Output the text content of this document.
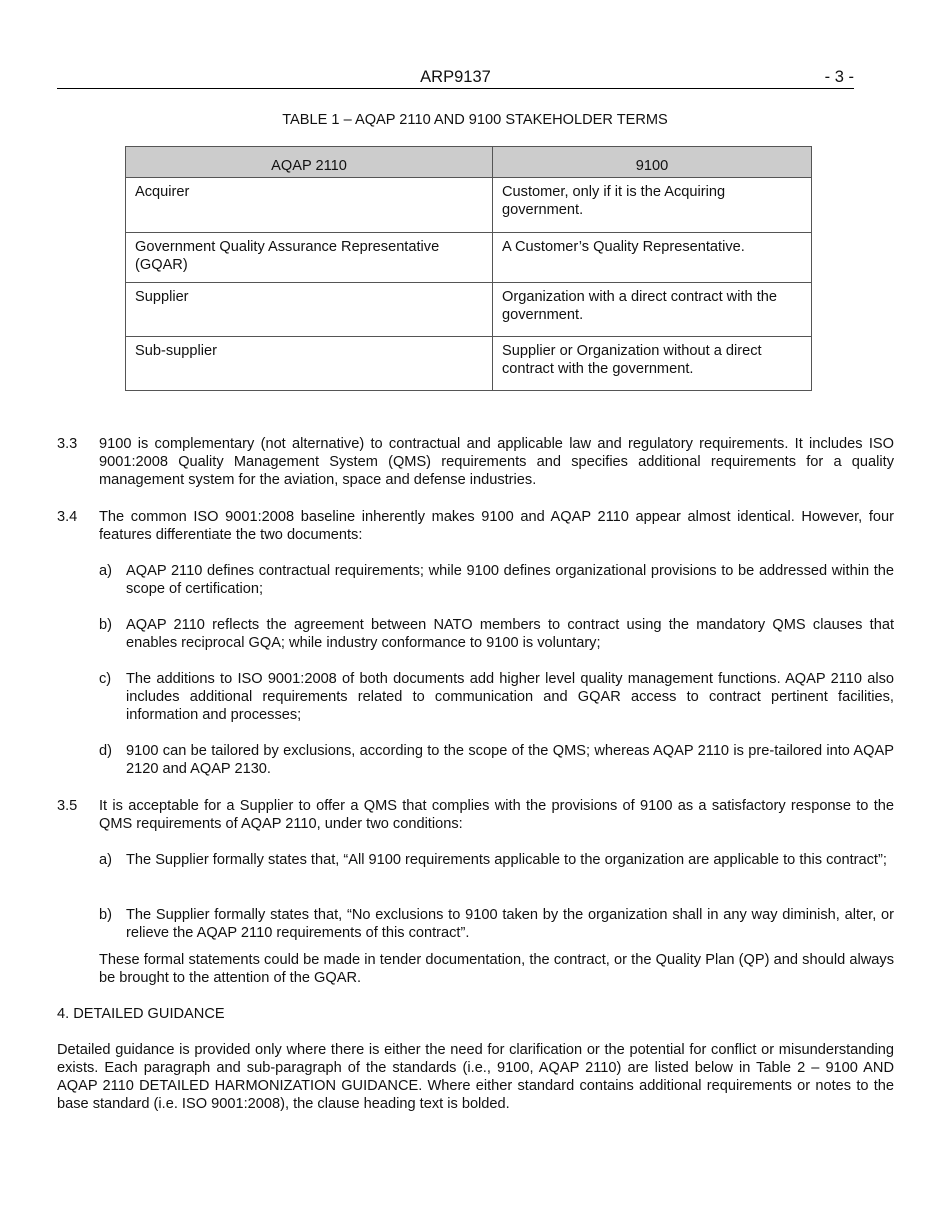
ARP9137	- 3 -
TABLE 1 – AQAP 2110 AND 9100 STAKEHOLDER TERMS
AQAP 2110	9100
Acquirer	Customer, only if it is the Acquiring government.
Government Quality Assurance Representative (GQAR)	A Customer’s Quality Representative.
Supplier	Organization with a direct contract with the government.
Sub-supplier	Supplier or Organization without a direct contract with the government.
3.3 9100 is complementary (not alternative) to contractual and applicable law and regulatory requirements. It includes ISO 9001:2008 Quality Management System (QMS) requirements and specifies additional requirements for a quality management system for the aviation, space and defense industries.
3.4 The common ISO 9001:2008 baseline inherently makes 9100 and AQAP 2110 appear almost identical. However, four features differentiate the two documents:
a) AQAP 2110 defines contractual requirements; while 9100 defines organizational provisions to be addressed within the scope of certification;
b) AQAP 2110 reflects the agreement between NATO members to contract using the mandatory QMS clauses that enables reciprocal GQA; while industry conformance to 9100 is voluntary;
c) The additions to ISO 9001:2008 of both documents add higher level quality management functions. AQAP 2110 also includes additional requirements related to communication and GQAR access to contract pertinent facilities, information and processes;
d) 9100 can be tailored by exclusions, according to the scope of the QMS; whereas AQAP 2110 is pre-tailored into AQAP 2120 and AQAP 2130.
3.5 It is acceptable for a Supplier to offer a QMS that complies with the provisions of 9100 as a satisfactory response to the QMS requirements of AQAP 2110, under two conditions:
a) The Supplier formally states that, “All 9100 requirements applicable to the organization are applicable to this contract”;
b) The Supplier formally states that, “No exclusions to 9100 taken by the organization shall in any way diminish, alter, or relieve the AQAP 2110 requirements of this contract”.
These formal statements could be made in tender documentation, the contract, or the Quality Plan (QP) and should always be brought to the attention of the GQAR.
4. DETAILED GUIDANCE
Detailed guidance is provided only where there is either the need for clarification or the potential for conflict or misunderstanding exists. Each paragraph and sub-paragraph of the standards (i.e., 9100, AQAP 2110) are listed below in Table 2 – 9100 AND AQAP 2110 DETAILED HARMONIZATION GUIDANCE. Where either standard contains additional requirements or notes to the base standard (i.e. ISO 9001:2008), the clause heading text is bolded.
